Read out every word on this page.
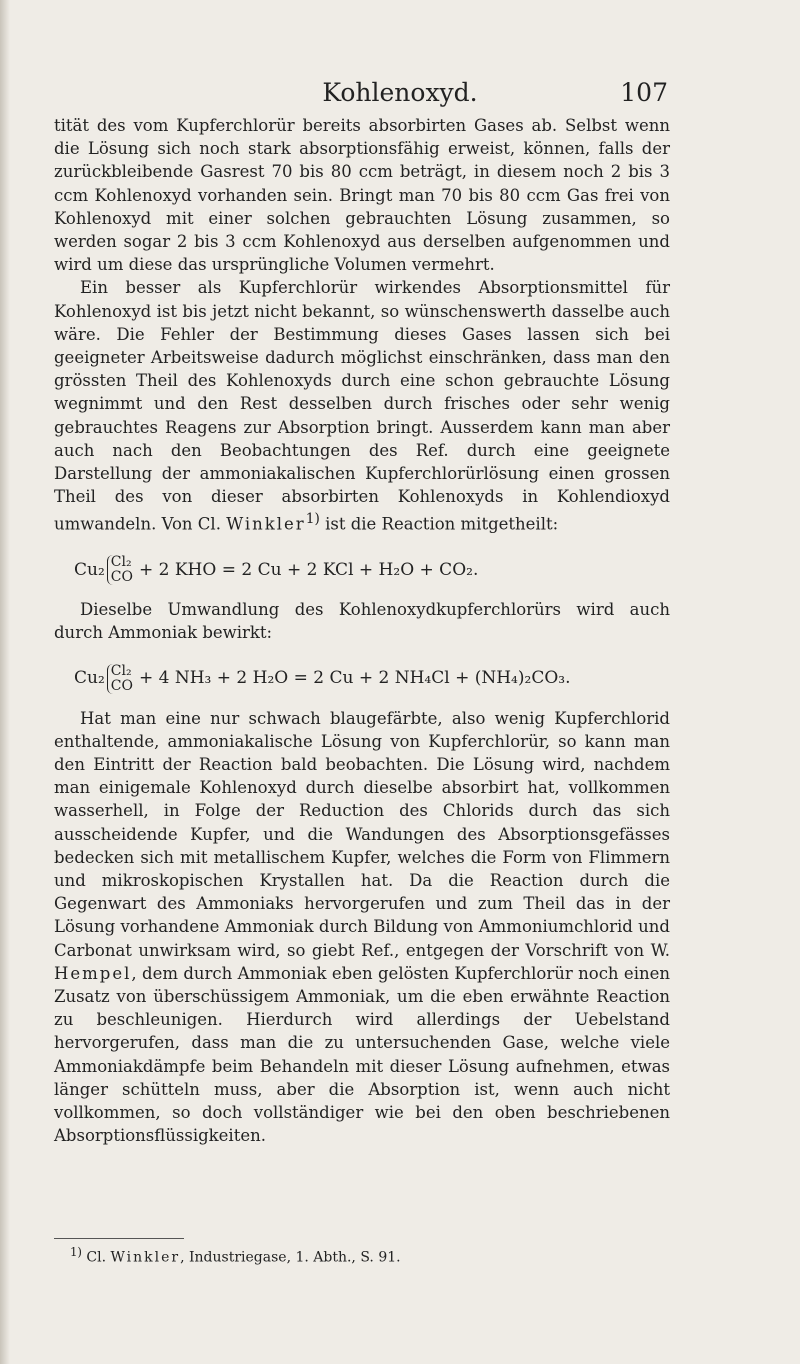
Kohlenoxyd.	107

tität des vom Kupferchlorür bereits absorbirten Gases ab. Selbst wenn die Lösung sich noch stark absorptionsfähig erweist, können, falls der zurückbleibende Gasrest 70 bis 80 ccm beträgt, in diesem noch 2 bis 3 ccm Kohlenoxyd vorhanden sein. Bringt man 70 bis 80 ccm Gas frei von Kohlenoxyd mit einer solchen gebrauchten Lösung zusammen, so werden sogar 2 bis 3 ccm Kohlenoxyd aus derselben aufgenommen und wird um diese das ursprüngliche Volumen vermehrt.

Ein besser als Kupferchlorür wirkendes Absorptionsmittel für Kohlenoxyd ist bis jetzt nicht bekannt, so wünschenswerth dasselbe auch wäre. Die Fehler der Bestimmung dieses Gases lassen sich bei geeigneter Arbeitsweise dadurch möglichst einschränken, dass man den grössten Theil des Kohlenoxyds durch eine schon gebrauchte Lösung wegnimmt und den Rest desselben durch frisches oder sehr wenig gebrauchtes Reagens zur Absorption bringt. Ausserdem kann man aber auch nach den Beobachtungen des Ref. durch eine geeignete Darstellung der ammoniakalischen Kupferchlorürlösung einen grossen Theil des von dieser absorbirten Kohlenoxyds in Kohlendioxyd umwandeln. Von Cl. Winkler$^{1)}$ ist die Reaction mitgetheilt:

Cu₂ Cl₂
CO + 2 KHO = 2 Cu + 2 KCl + H₂O + CO₂.

Dieselbe Umwandlung des Kohlenoxydkupferchlorürs wird auch durch Ammoniak bewirkt:

Cu₂ Cl₂
CO + 4 NH₃ + 2 H₂O = 2 Cu + 2 NH₄Cl + (NH₄)₂CO₃.

Hat man eine nur schwach blaugefärbte, also wenig Kupferchlorid enthaltende, ammoniakalische Lösung von Kupferchlorür, so kann man den Eintritt der Reaction bald beobachten. Die Lösung wird, nachdem man einigemale Kohlenoxyd durch dieselbe absorbirt hat, vollkommen wasserhell, in Folge der Reduction des Chlorids durch das sich ausscheidende Kupfer, und die Wandungen des Absorptionsgefässes bedecken sich mit metallischem Kupfer, welches die Form von Flimmern und mikroskopischen Krystallen hat. Da die Reaction durch die Gegenwart des Ammoniaks hervorgerufen und zum Theil das in der Lösung vorhandene Ammoniak durch Bildung von Ammoniumchlorid und Carbonat unwirksam wird, so giebt Ref., entgegen der Vorschrift von W. Hempel, dem durch Ammoniak eben gelösten Kupferchlorür noch einen Zusatz von überschüssigem Ammoniak, um die eben erwähnte Reaction zu beschleunigen. Hierdurch wird allerdings der Uebelstand hervorgerufen, dass man die zu untersuchenden Gase, welche viele Ammoniakdämpfe beim Behandeln mit dieser Lösung aufnehmen, etwas länger schütteln muss, aber die Absorption ist, wenn auch nicht vollkommen, so doch vollständiger wie bei den oben beschriebenen Absorptionsflüssigkeiten.

$^{1)}$ Cl. Winkler, Industriegase, 1. Abth., S. 91.
